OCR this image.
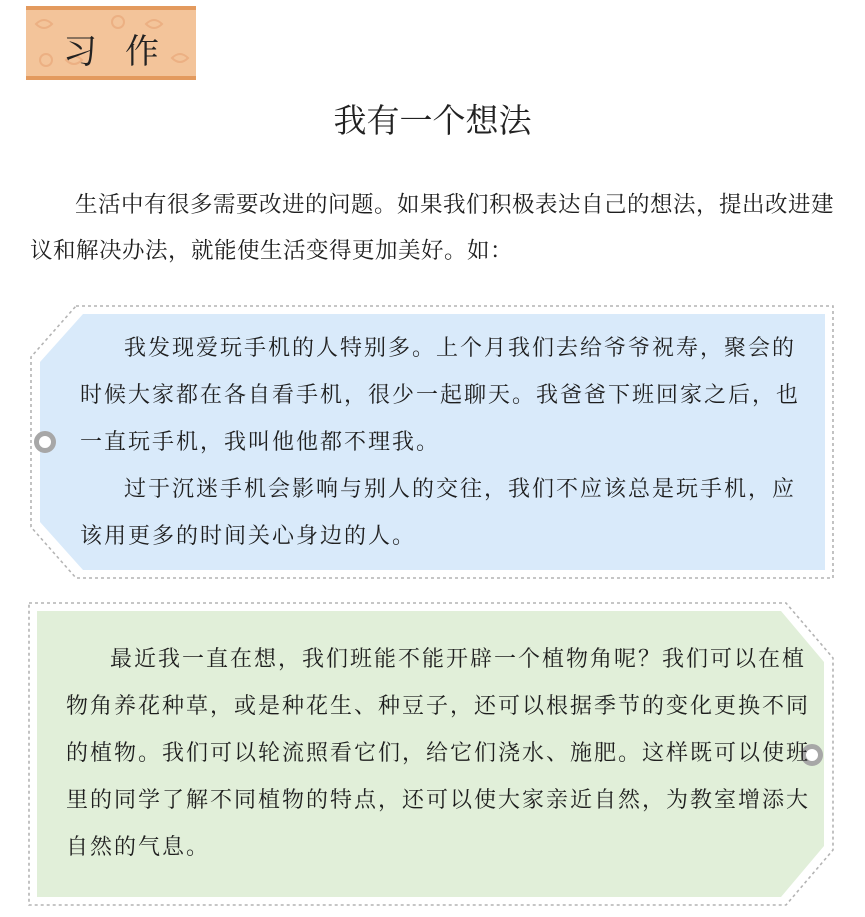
习作
我有一个想法

生活中有很多需要改进的问题。如果我们积极表达自己的想法，提出改进建议和解决办法，就能使生活变得更加美好。如：

我发现爱玩手机的人特别多。上个月我们去给爷爷祝寿，聚会的时候大家都在各自看手机，很少一起聊天。我爸爸下班回家之后，也一直玩手机，我叫他他都不理我。

过于沉迷手机会影响与别人的交往，我们不应该总是玩手机，应该用更多的时间关心身边的人。

最近我一直在想，我们班能不能开辟一个植物角呢？我们可以在植物角养花种草，或是种花生、种豆子，还可以根据季节的变化更换不同的植物。我们可以轮流照看它们，给它们浇水、施肥。这样既可以使班里的同学了解不同植物的特点，还可以使大家亲近自然，为教室增添大自然的气息。
